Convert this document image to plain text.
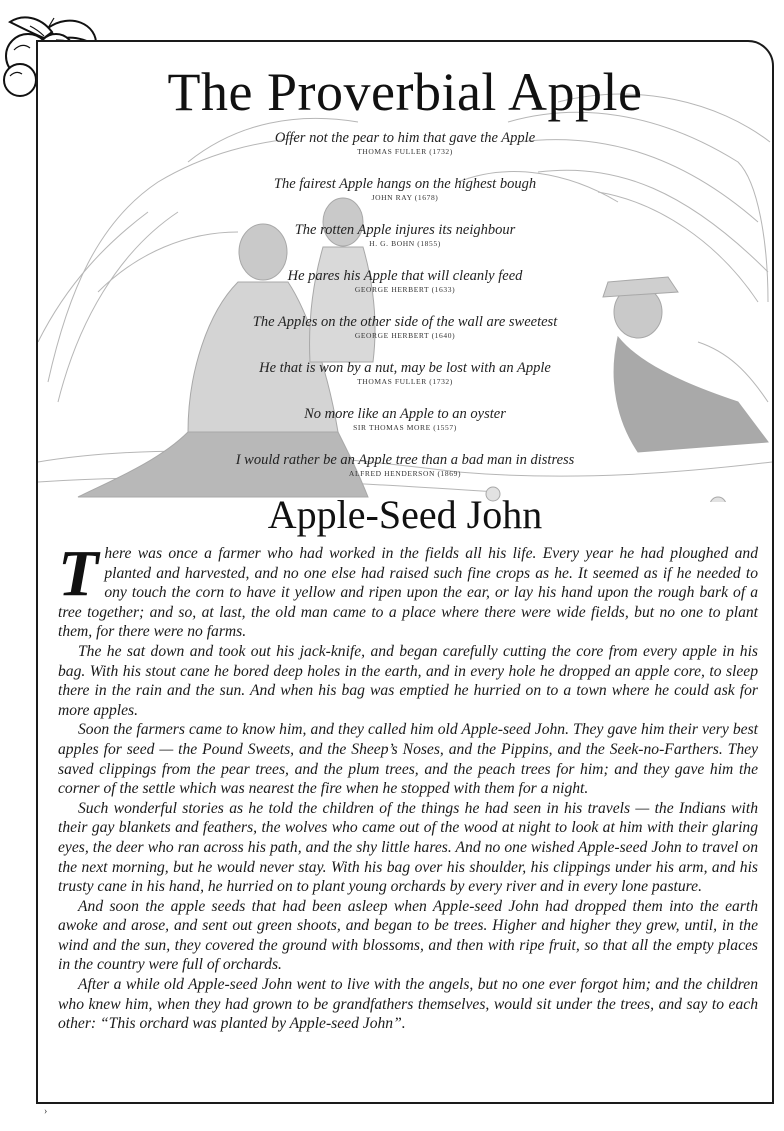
The Proverbial Apple
Offer not the pear to him that gave the Apple
THOMAS FULLER (1732)
The fairest Apple hangs on the highest bough
JOHN RAY (1678)
The rotten Apple injures its neighbour
H. G. BOHN (1855)
He pares his Apple that will cleanly feed
GEORGE HERBERT (1633)
The Apples on the other side of the wall are sweetest
GEORGE HERBERT (1640)
He that is won by a nut, may be lost with an Apple
THOMAS FULLER (1732)
No more like an Apple to an oyster
SIR THOMAS MORE (1557)
I would rather be an Apple tree than a bad man in distress
ALFRED HENDERSON (1869)
Apple-Seed John

There was once a farmer who had worked in the fields all his life. Every year he had ploughed and planted and harvested, and no one else had raised such fine crops as he. It seemed as if he needed to ony touch the corn to have it yellow and ripen upon the ear, or lay his hand upon the rough bark of a tree together; and so, at last, the old man came to a place where there were wide fields, but no one to plant them, for there were no farms.

The he sat down and took out his jack-knife, and began carefully cutting the core from every apple in his bag. With his stout cane he bored deep holes in the earth, and in every hole he dropped an apple core, to sleep there in the rain and the sun. And when his bag was emptied he hurried on to a town where he could ask for more apples.

Soon the farmers came to know him, and they called him old Apple-seed John. They gave him their very best apples for seed — the Pound Sweets, and the Sheep’s Noses, and the Pippins, and the Seek-no-Farthers. They saved clippings from the pear trees, and the plum trees, and the peach trees for him; and they gave him the corner of the settle which was nearest the fire when he stopped with them for a night.

Such wonderful stories as he told the children of the things he had seen in his travels — the Indians with their gay blankets and feathers, the wolves who came out of the wood at night to look at him with their glaring eyes, the deer who ran across his path, and the shy little hares. And no one wished Apple-seed John to travel on the next morning, but he would never stay. With his bag over his shoulder, his clippings under his arm, and his trusty cane in his hand, he hurried on to plant young orchards by every river and in every lone pasture.

And soon the apple seeds that had been asleep when Apple-seed John had dropped them into the earth awoke and arose, and sent out green shoots, and began to be trees. Higher and higher they grew, until, in the wind and the sun, they covered the ground with blossoms, and then with ripe fruit, so that all the empty places in the country were full of orchards.

After a while old Apple-seed John went to live with the angels, but no one ever forgot him; and the children who knew him, when they had grown to be grandfathers themselves, would sit under the trees, and say to each other: “This orchard was planted by Apple-seed John”.

›
